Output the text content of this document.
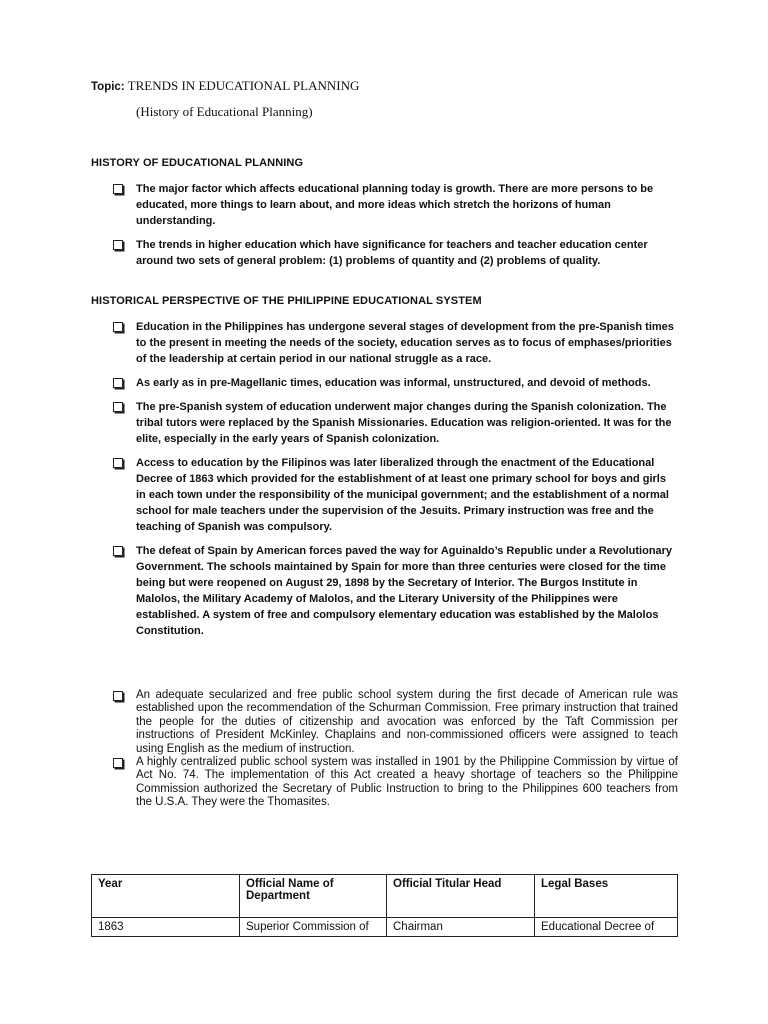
Topic: TRENDS IN EDUCATIONAL PLANNING
(History of Educational Planning)
HISTORY OF EDUCATIONAL PLANNING
The major factor which affects educational planning today is growth. There are more persons to be educated, more things to learn about, and more ideas which stretch the horizons of human understanding.
The trends in higher education which have significance for teachers and teacher education center around two sets of general problem: (1) problems of quantity and (2) problems of quality.
HISTORICAL PERSPECTIVE OF THE PHILIPPINE EDUCATIONAL SYSTEM
Education in the Philippines has undergone several stages of development from the pre-Spanish times to the present in meeting the needs of the society, education serves as to focus of emphases/priorities of the leadership at certain period in our national struggle as a race.
As early as in pre-Magellanic times, education was informal, unstructured, and devoid of methods.
The pre-Spanish system of education underwent major changes during the Spanish colonization. The tribal tutors were replaced by the Spanish Missionaries. Education was religion-oriented. It was for the elite, especially in the early years of Spanish colonization.
Access to education by the Filipinos was later liberalized through the enactment of the Educational Decree of 1863 which provided for the establishment of at least one primary school for boys and girls in each town under the responsibility of the municipal government; and the establishment of a normal school for male teachers under the supervision of the Jesuits. Primary instruction was free and the teaching of Spanish was compulsory.
The defeat of Spain by American forces paved the way for Aguinaldo’s Republic under a Revolutionary Government. The schools maintained by Spain for more than three centuries were closed for the time being but were reopened on August 29, 1898 by the Secretary of Interior. The Burgos Institute in Malolos, the Military Academy of Malolos, and the Literary University of the Philippines were established. A system of free and compulsory elementary education was established by the Malolos Constitution.
An adequate secularized and free public school system during the first decade of American rule was established upon the recommendation of the Schurman Commission. Free primary instruction that trained the people for the duties of citizenship and avocation was enforced by the Taft Commission per instructions of President McKinley. Chaplains and non-commissioned officers were assigned to teach using English as the medium of instruction.
A highly centralized public school system was installed in 1901 by the Philippine Commission by virtue of Act No. 74. The implementation of this Act created a heavy shortage of teachers so the Philippine Commission authorized the Secretary of Public Instruction to bring to the Philippines 600 teachers from the U.S.A. They were the Thomasites.
Year	Official Name of Department	Official Titular Head	Legal Bases
1863	Superior Commission of	Chairman	Educational Decree of
